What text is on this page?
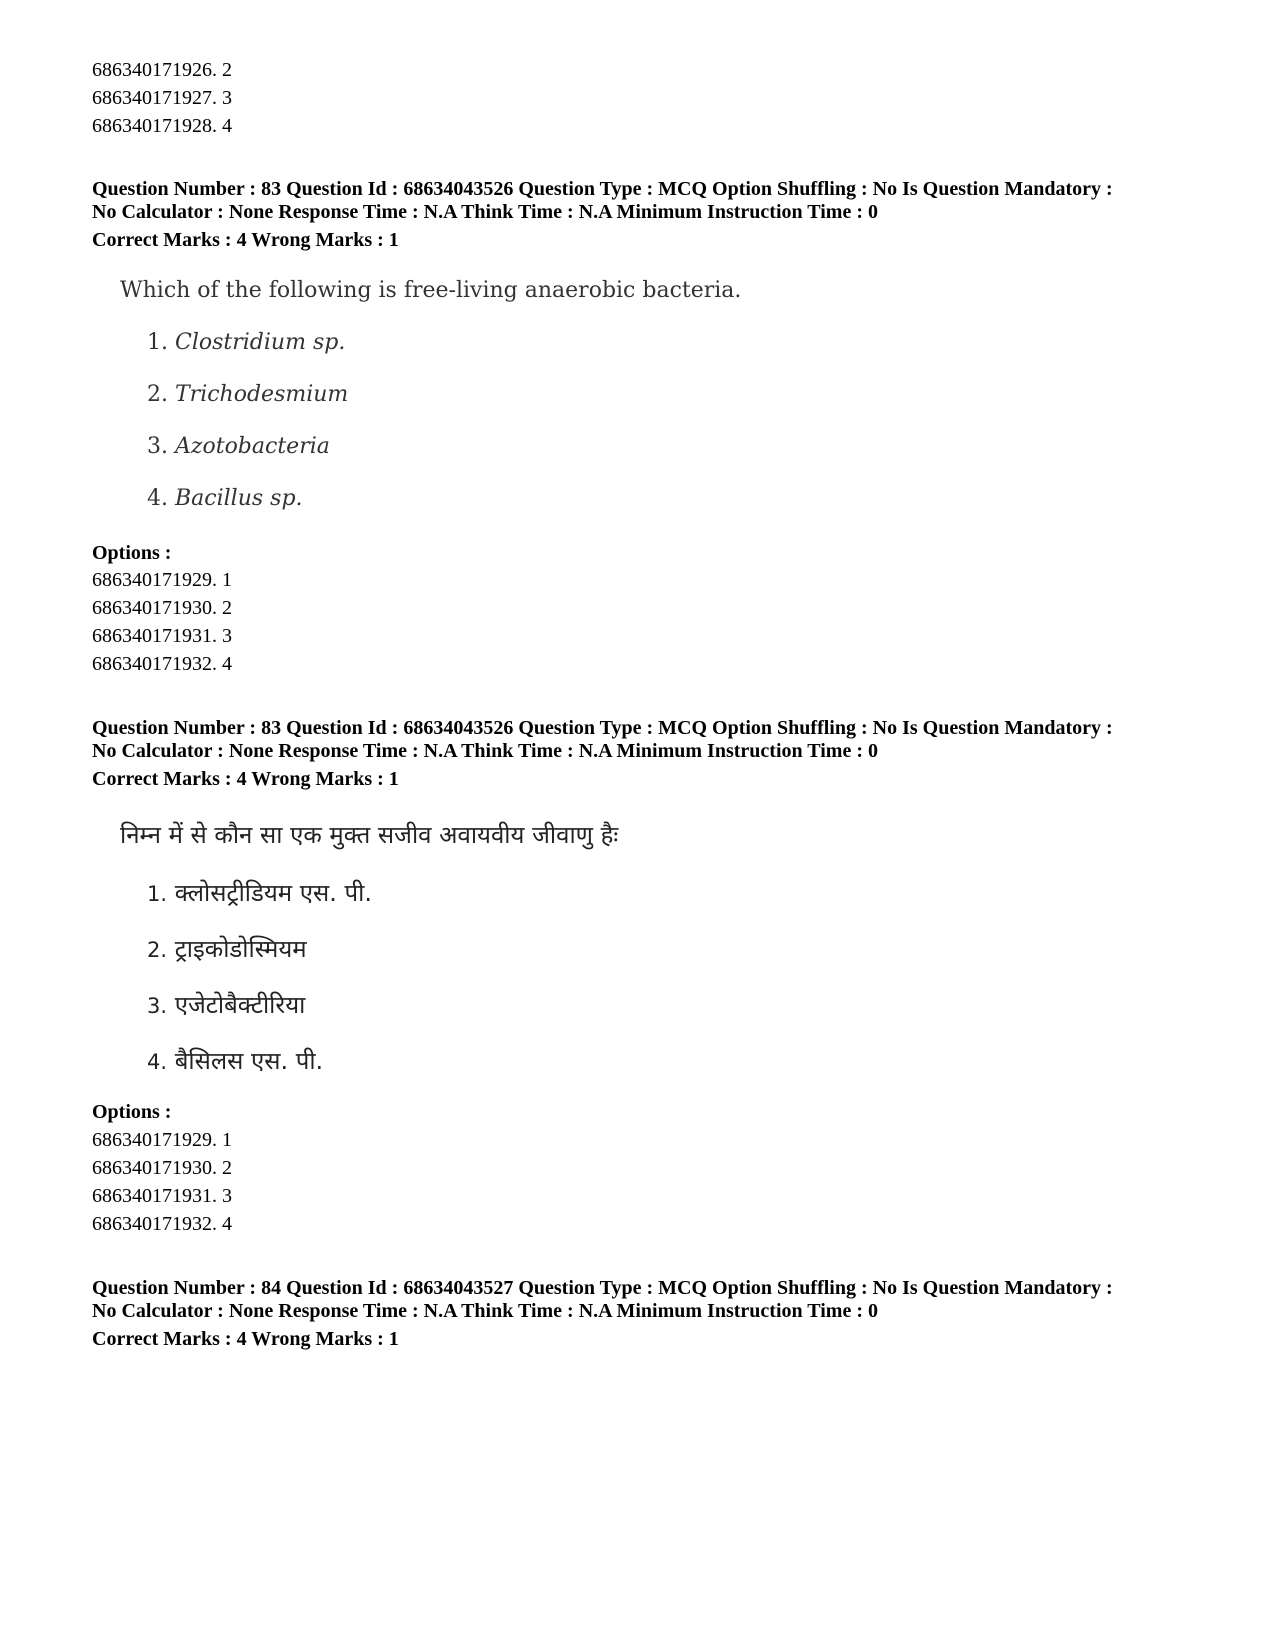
686340171926. 2
686340171927. 3
686340171928. 4
Question Number : 83 Question Id : 68634043526 Question Type : MCQ Option Shuffling : No Is Question Mandatory :
No Calculator : None Response Time : N.A Think Time : N.A Minimum Instruction Time : 0
Correct Marks : 4 Wrong Marks : 1
Which of the following is free-living anaerobic bacteria.
1. Clostridium sp.
2. Trichodesmium
3. Azotobacteria
4. Bacillus sp.
Options :
686340171929. 1
686340171930. 2
686340171931. 3
686340171932. 4
Question Number : 83 Question Id : 68634043526 Question Type : MCQ Option Shuffling : No Is Question Mandatory :
No Calculator : None Response Time : N.A Think Time : N.A Minimum Instruction Time : 0
Correct Marks : 4 Wrong Marks : 1
निम्न में से कौन सा एक मुक्त सजीव अवायवीय जीवाणु हैः
1. क्लोसट्रीडियम एस. पी.
2. ट्राइकोडोस्मियम
3. एजेटोबैक्टीरिया
4. बैसिलस एस. पी.
Options :
686340171929. 1
686340171930. 2
686340171931. 3
686340171932. 4
Question Number : 84 Question Id : 68634043527 Question Type : MCQ Option Shuffling : No Is Question Mandatory :
No Calculator : None Response Time : N.A Think Time : N.A Minimum Instruction Time : 0
Correct Marks : 4 Wrong Marks : 1
